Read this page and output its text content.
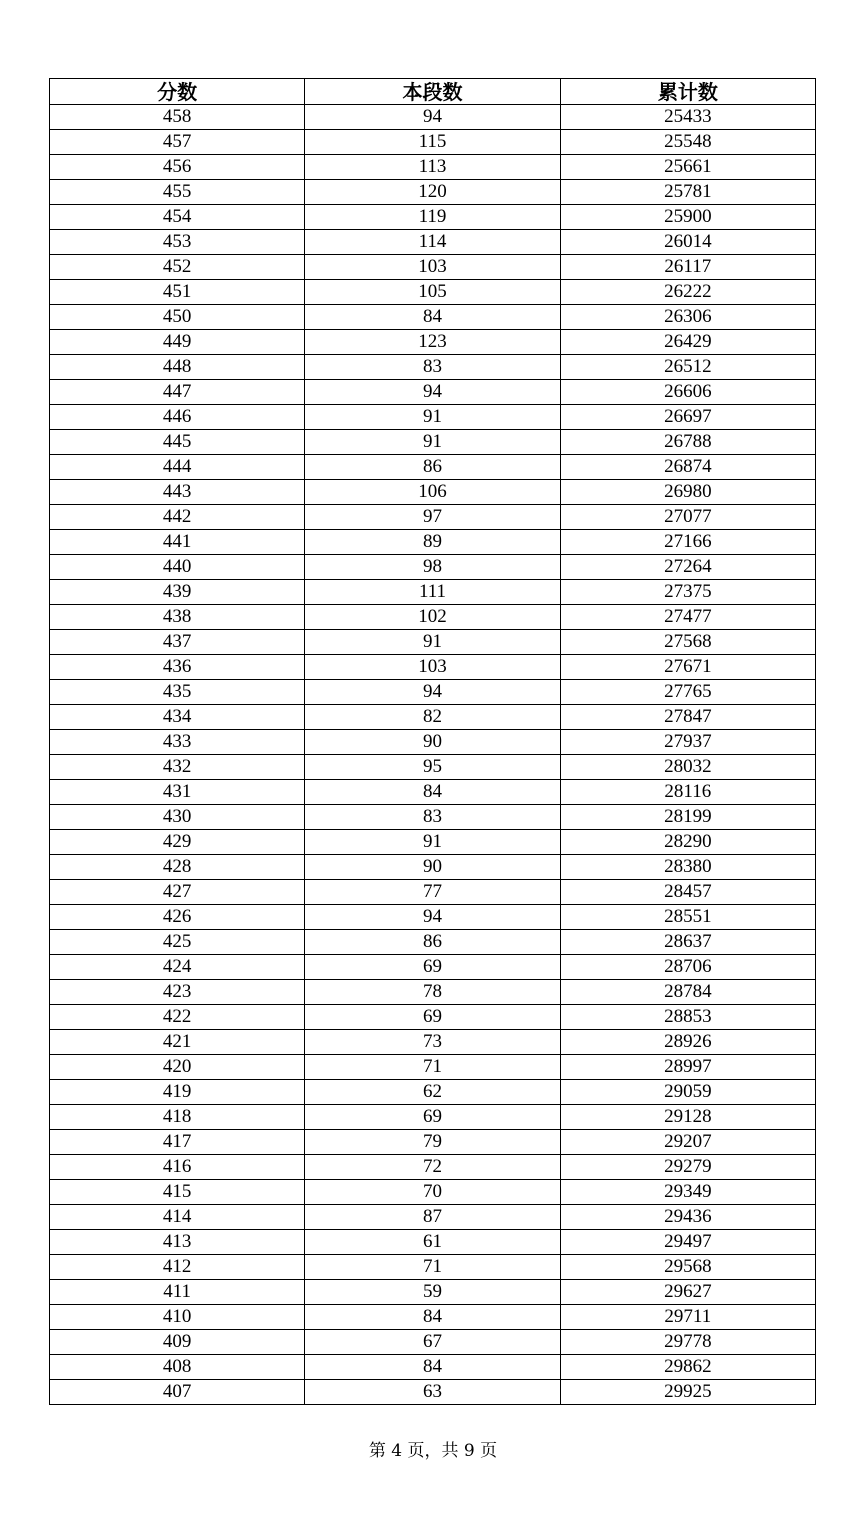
分数	本段数	累计数
458	94	25433
457	115	25548
456	113	25661
455	120	25781
454	119	25900
453	114	26014
452	103	26117
451	105	26222
450	84	26306
449	123	26429
448	83	26512
447	94	26606
446	91	26697
445	91	26788
444	86	26874
443	106	26980
442	97	27077
441	89	27166
440	98	27264
439	111	27375
438	102	27477
437	91	27568
436	103	27671
435	94	27765
434	82	27847
433	90	27937
432	95	28032
431	84	28116
430	83	28199
429	91	28290
428	90	28380
427	77	28457
426	94	28551
425	86	28637
424	69	28706
423	78	28784
422	69	28853
421	73	28926
420	71	28997
419	62	29059
418	69	29128
417	79	29207
416	72	29279
415	70	29349
414	87	29436
413	61	29497
412	71	29568
411	59	29627
410	84	29711
409	67	29778
408	84	29862
407	63	29925
第 4 页，共 9 页
